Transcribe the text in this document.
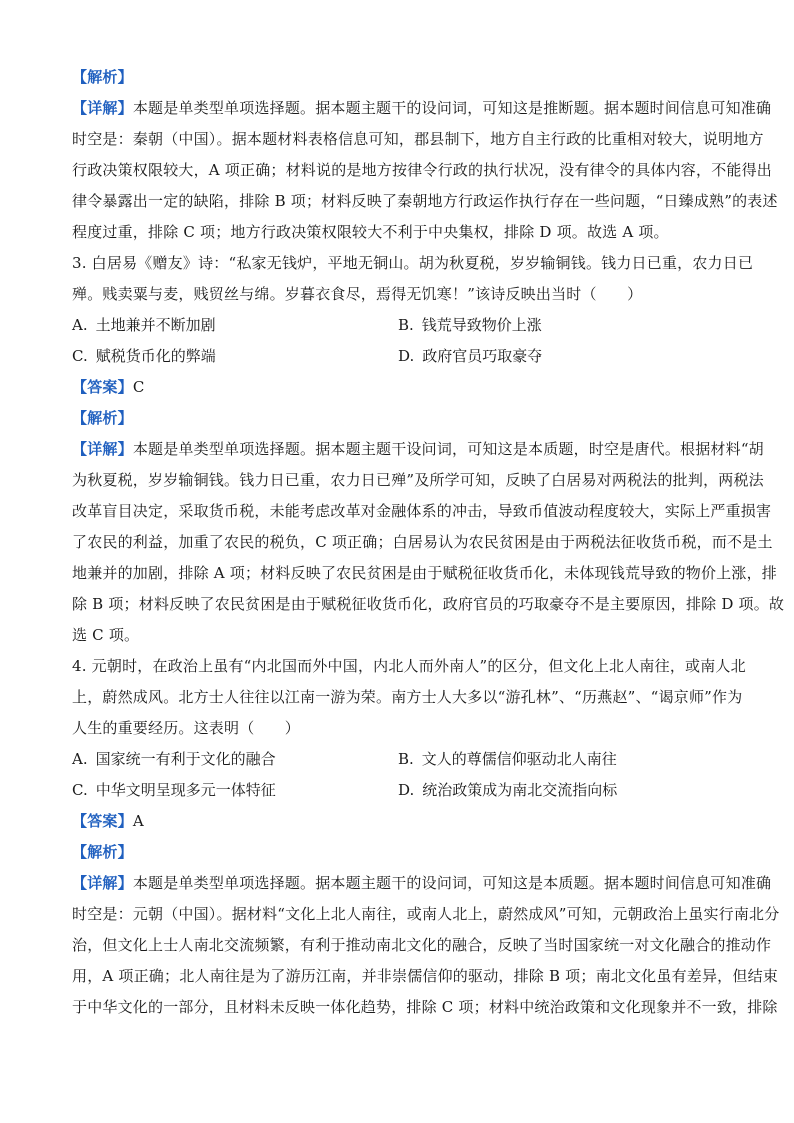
【解析】
【详解】本题是单类型单项选择题。据本题主题干的设问词，可知这是推断题。据本题时间信息可知准确
时空是：秦朝（中国）。据本题材料表格信息可知，郡县制下，地方自主行政的比重相对较大，说明地方
行政决策权限较大，A 项正确；材料说的是地方按律令行政的执行状况，没有律令的具体内容，不能得出
律令暴露出一定的缺陷，排除 B 项；材料反映了秦朝地方行政运作执行存在一些问题，“日臻成熟”的表述
程度过重，排除 C 项；地方行政决策权限较大不利于中央集权，排除 D 项。故选 A 项。
3. 白居易《赠友》诗：“私家无钱炉，平地无铜山。胡为秋夏税，岁岁输铜钱。钱力日已重，农力日已
殚。贱卖粟与麦，贱贸丝与绵。岁暮衣食尽，焉得无饥寒！”该诗反映出当时（　　）
A. 土地兼并不断加剧	B. 钱荒导致物价上涨
C. 赋税货币化的弊端	D. 政府官员巧取豪夺
【答案】C
【解析】
【详解】本题是单类型单项选择题。据本题主题干设问词，可知这是本质题，时空是唐代。根据材料“胡
为秋夏税，岁岁输铜钱。钱力日已重，农力日已殚”及所学可知，反映了白居易对两税法的批判，两税法
改革盲目决定，采取货币税，未能考虑改革对金融体系的冲击，导致币值波动程度较大，实际上严重损害
了农民的利益，加重了农民的税负，C 项正确；白居易认为农民贫困是由于两税法征收货币税，而不是土
地兼并的加剧，排除 A 项；材料反映了农民贫困是由于赋税征收货币化，未体现钱荒导致的物价上涨，排
除 B 项；材料反映了农民贫困是由于赋税征收货币化，政府官员的巧取豪夺不是主要原因，排除 D 项。故
选 C 项。
4. 元朝时，在政治上虽有“内北国而外中国，内北人而外南人”的区分，但文化上北人南往，或南人北
上，蔚然成风。北方士人往往以江南一游为荣。南方士人大多以“游孔林”、“历燕赵”、“谒京师”作为
人生的重要经历。这表明（　　）
A. 国家统一有利于文化的融合	B. 文人的尊儒信仰驱动北人南往
C. 中华文明呈现多元一体特征	D. 统治政策成为南北交流指向标
【答案】A
【解析】
【详解】本题是单类型单项选择题。据本题主题干的设问词，可知这是本质题。据本题时间信息可知准确
时空是：元朝（中国）。据材料“文化上北人南往，或南人北上，蔚然成风”可知，元朝政治上虽实行南北分
治，但文化上士人南北交流频繁，有利于推动南北文化的融合，反映了当时国家统一对文化融合的推动作
用，A 项正确；北人南往是为了游历江南，并非崇儒信仰的驱动，排除 B 项；南北文化虽有差异，但结束
于中华文化的一部分，且材料未反映一体化趋势，排除 C 项；材料中统治政策和文化现象并不一致，排除
